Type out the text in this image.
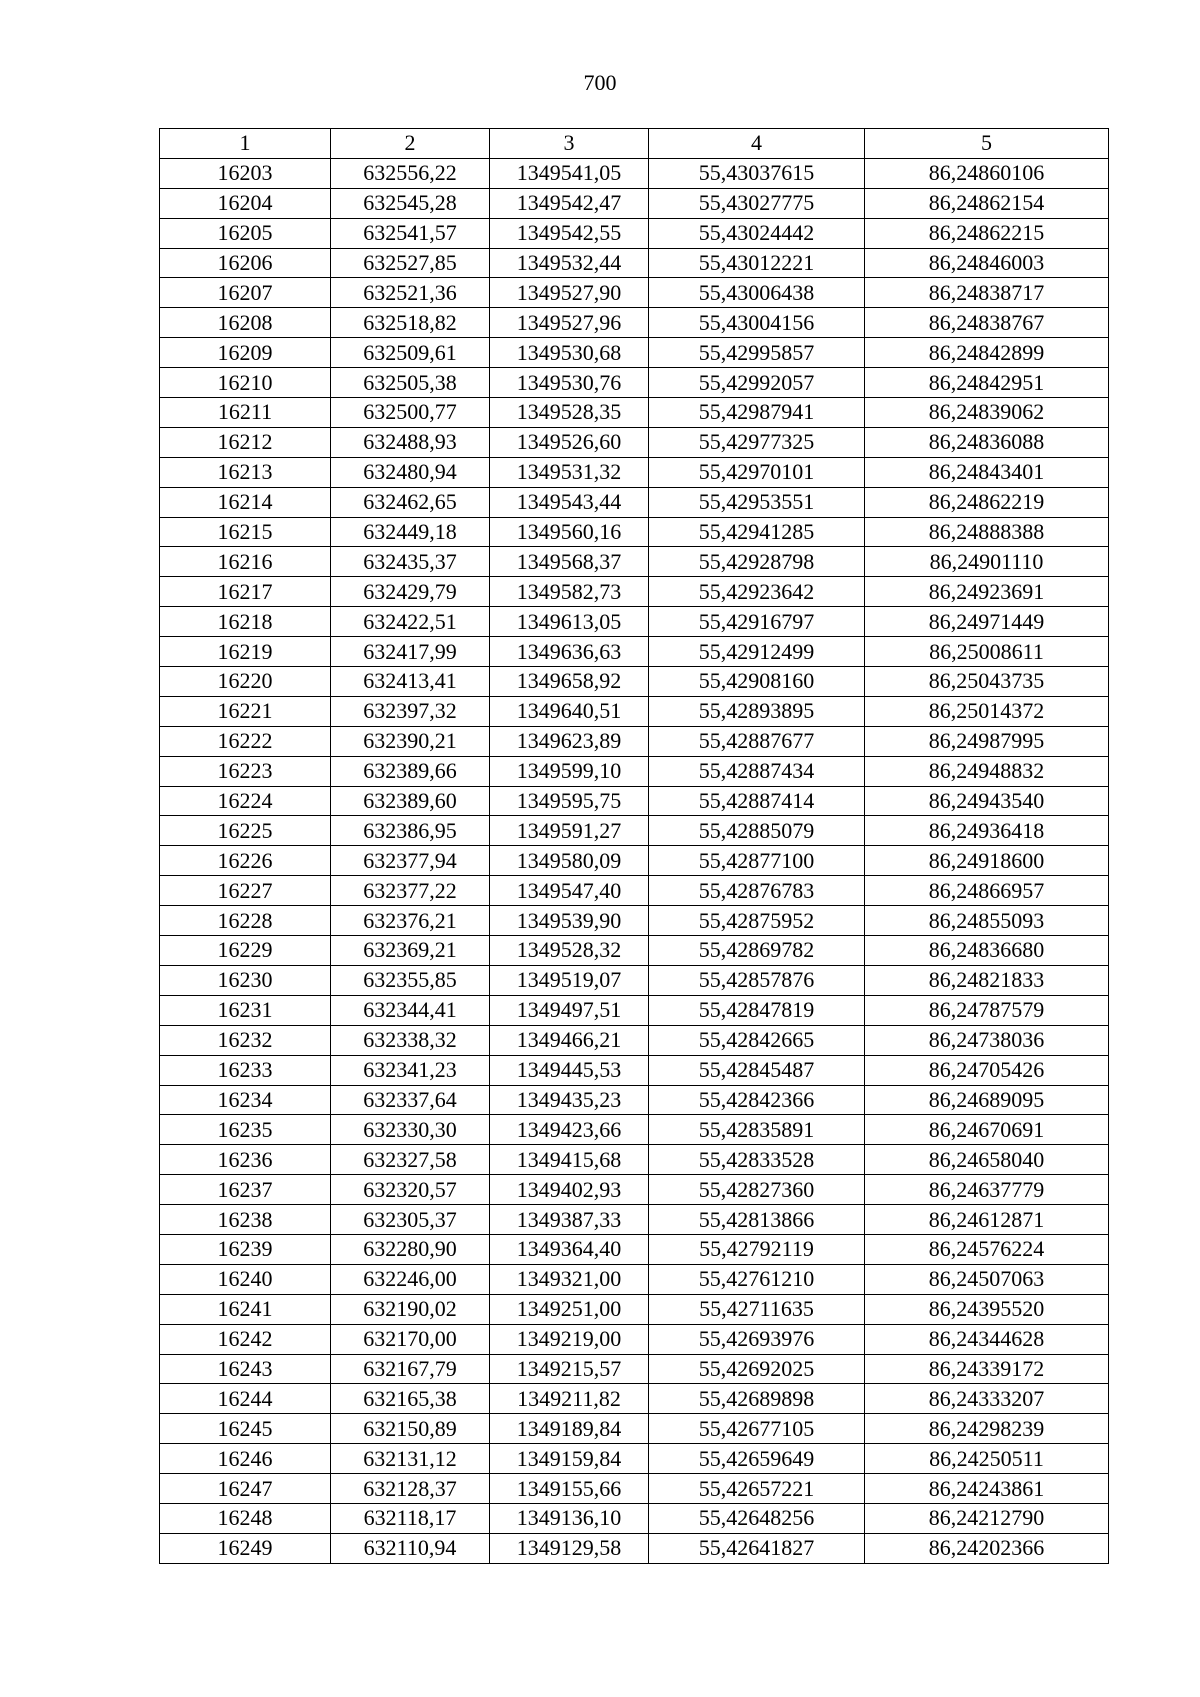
700
1	2	3	4	5
16203	632556,22	1349541,05	55,43037615	86,24860106
16204	632545,28	1349542,47	55,43027775	86,24862154
16205	632541,57	1349542,55	55,43024442	86,24862215
16206	632527,85	1349532,44	55,43012221	86,24846003
16207	632521,36	1349527,90	55,43006438	86,24838717
16208	632518,82	1349527,96	55,43004156	86,24838767
16209	632509,61	1349530,68	55,42995857	86,24842899
16210	632505,38	1349530,76	55,42992057	86,24842951
16211	632500,77	1349528,35	55,42987941	86,24839062
16212	632488,93	1349526,60	55,42977325	86,24836088
16213	632480,94	1349531,32	55,42970101	86,24843401
16214	632462,65	1349543,44	55,42953551	86,24862219
16215	632449,18	1349560,16	55,42941285	86,24888388
16216	632435,37	1349568,37	55,42928798	86,24901110
16217	632429,79	1349582,73	55,42923642	86,24923691
16218	632422,51	1349613,05	55,42916797	86,24971449
16219	632417,99	1349636,63	55,42912499	86,25008611
16220	632413,41	1349658,92	55,42908160	86,25043735
16221	632397,32	1349640,51	55,42893895	86,25014372
16222	632390,21	1349623,89	55,42887677	86,24987995
16223	632389,66	1349599,10	55,42887434	86,24948832
16224	632389,60	1349595,75	55,42887414	86,24943540
16225	632386,95	1349591,27	55,42885079	86,24936418
16226	632377,94	1349580,09	55,42877100	86,24918600
16227	632377,22	1349547,40	55,42876783	86,24866957
16228	632376,21	1349539,90	55,42875952	86,24855093
16229	632369,21	1349528,32	55,42869782	86,24836680
16230	632355,85	1349519,07	55,42857876	86,24821833
16231	632344,41	1349497,51	55,42847819	86,24787579
16232	632338,32	1349466,21	55,42842665	86,24738036
16233	632341,23	1349445,53	55,42845487	86,24705426
16234	632337,64	1349435,23	55,42842366	86,24689095
16235	632330,30	1349423,66	55,42835891	86,24670691
16236	632327,58	1349415,68	55,42833528	86,24658040
16237	632320,57	1349402,93	55,42827360	86,24637779
16238	632305,37	1349387,33	55,42813866	86,24612871
16239	632280,90	1349364,40	55,42792119	86,24576224
16240	632246,00	1349321,00	55,42761210	86,24507063
16241	632190,02	1349251,00	55,42711635	86,24395520
16242	632170,00	1349219,00	55,42693976	86,24344628
16243	632167,79	1349215,57	55,42692025	86,24339172
16244	632165,38	1349211,82	55,42689898	86,24333207
16245	632150,89	1349189,84	55,42677105	86,24298239
16246	632131,12	1349159,84	55,42659649	86,24250511
16247	632128,37	1349155,66	55,42657221	86,24243861
16248	632118,17	1349136,10	55,42648256	86,24212790
16249	632110,94	1349129,58	55,42641827	86,24202366
